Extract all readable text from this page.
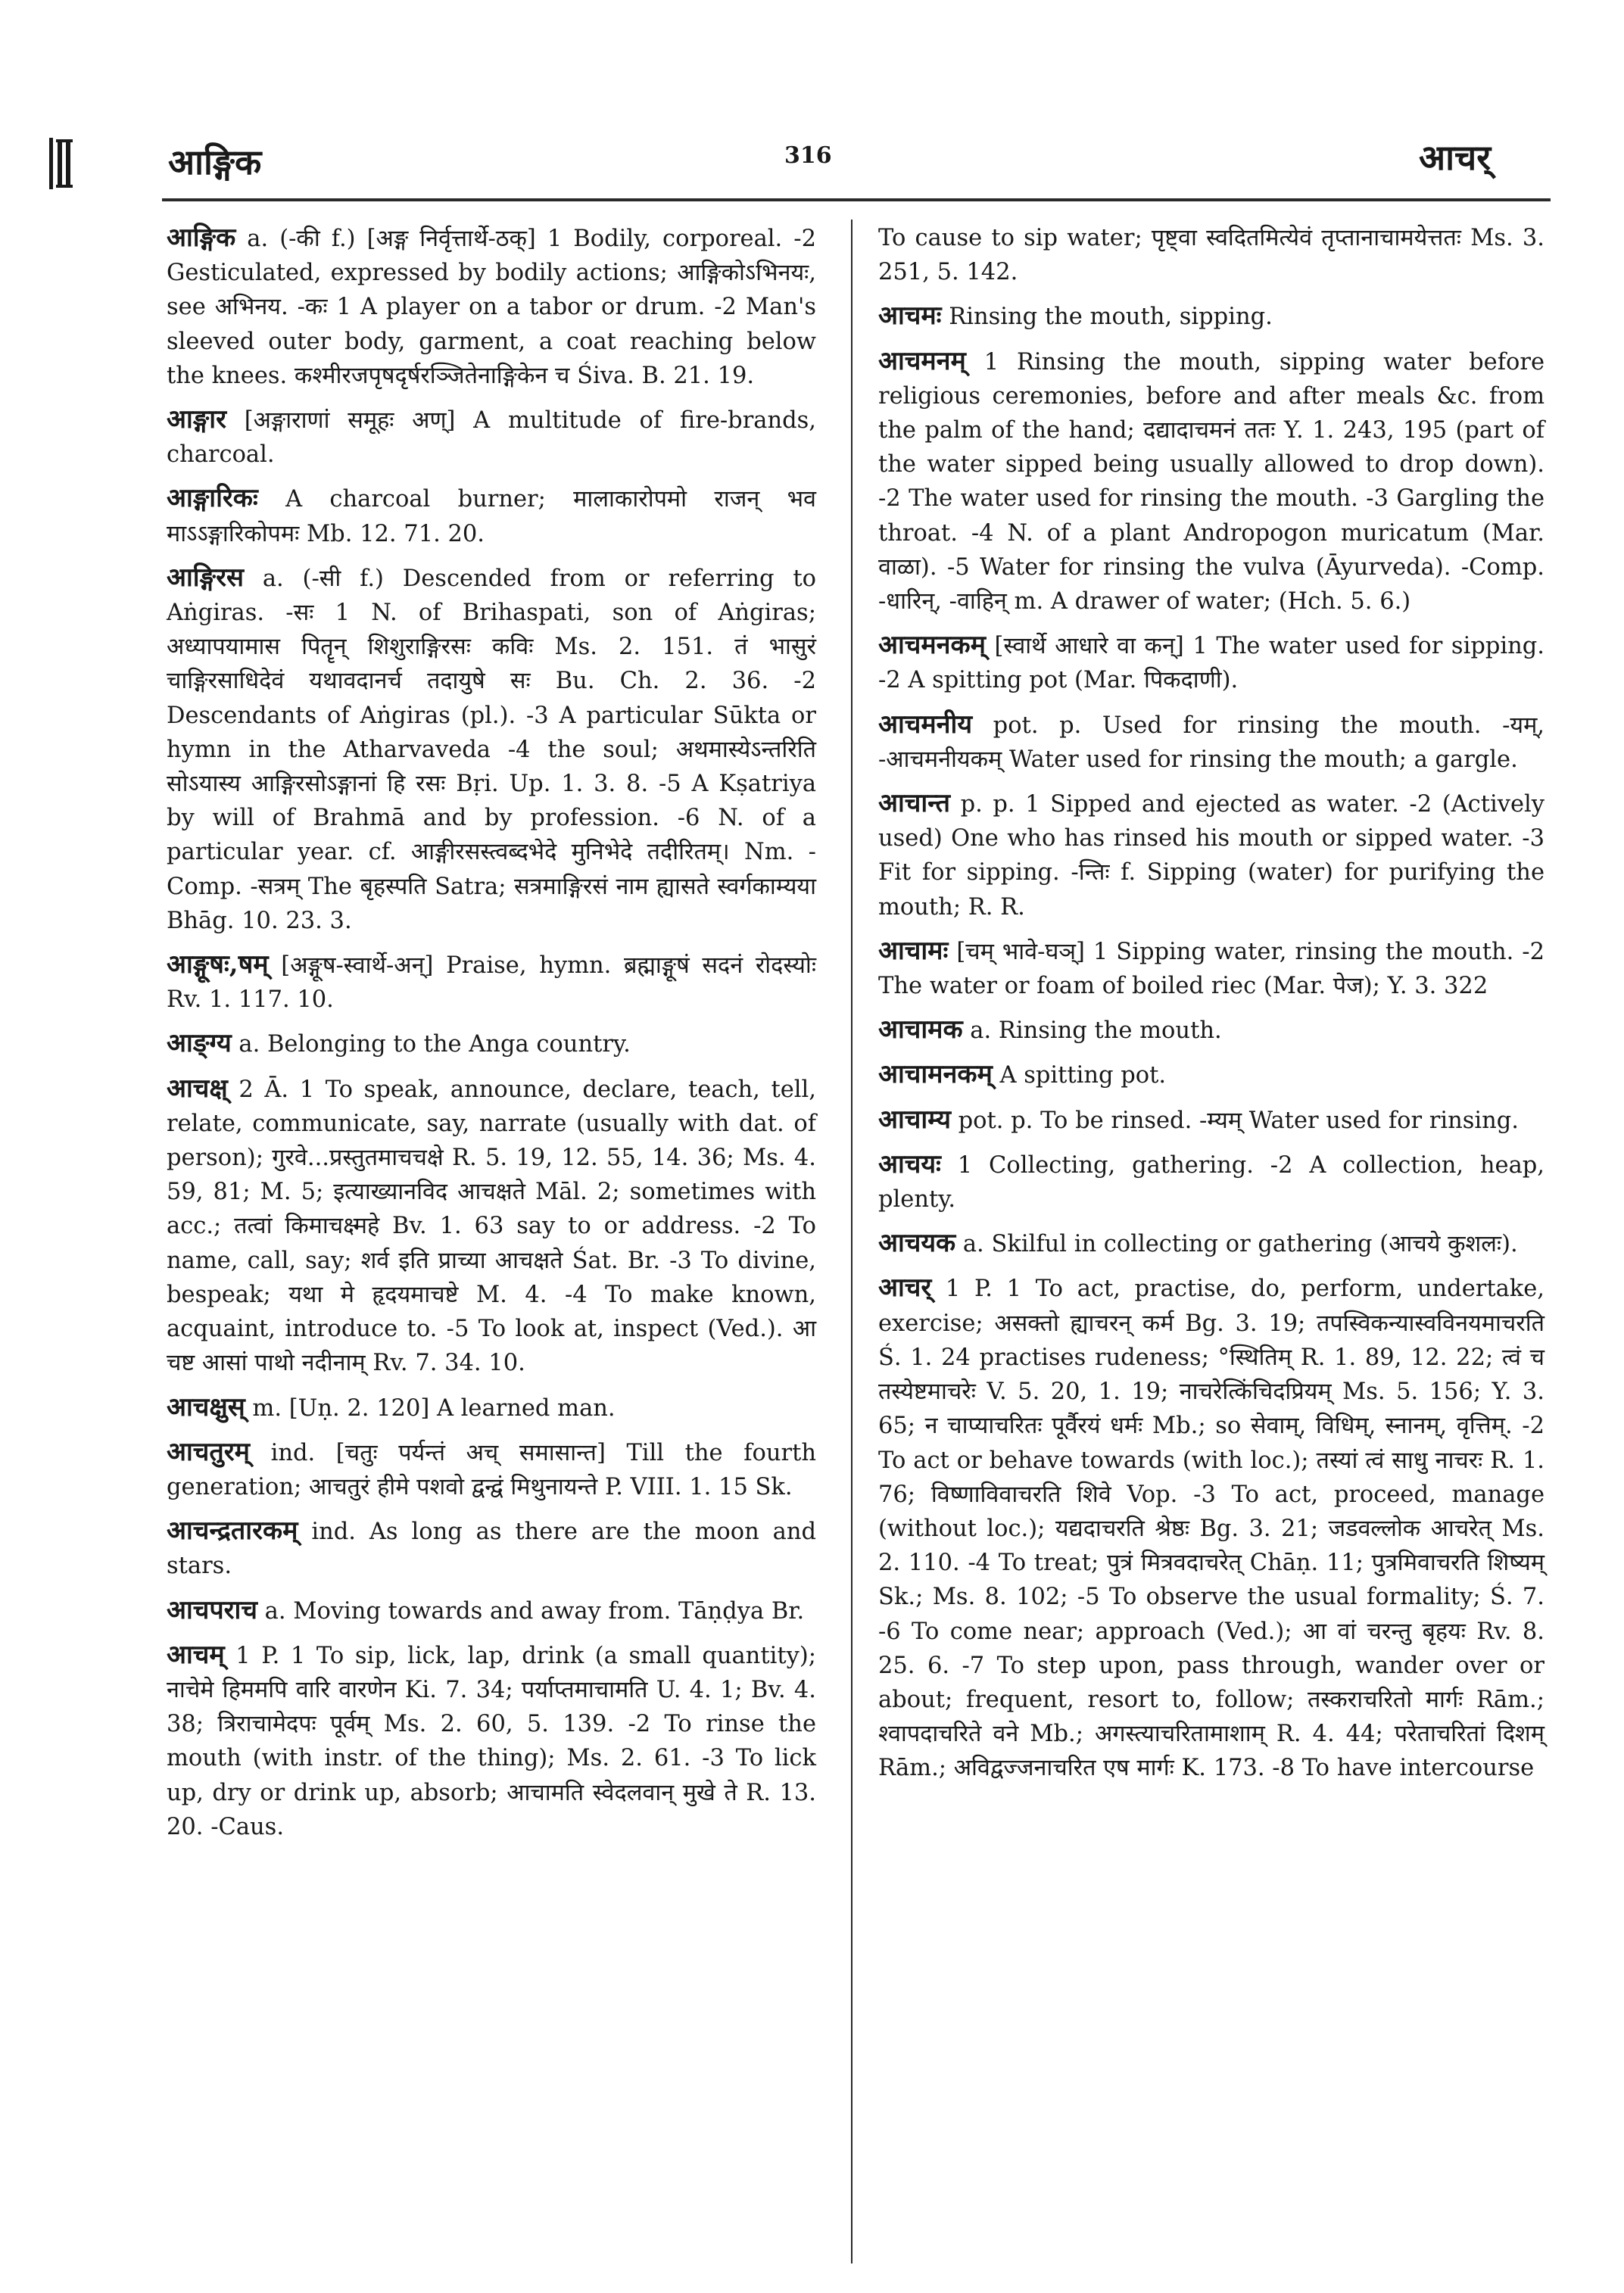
आङ्गिक	316	आचर्

आङ्गिक a. (-की f.) [अङ्ग निर्वृत्तार्थे-ठक्] 1 Bodily, corporeal. -2 Gesticulated, expressed by bodily actions; आङ्गिकोऽभिनयः, see अभिनय. -कः 1 A player on a tabor or drum. -2 Man's sleeved outer body, garment, a coat reaching below the knees. कश्मीरजपृषदृर्षरञ्जितेनाङ्गिकेन च Śiva. B. 21. 19.

आङ्गार [अङ्गाराणां समूहः अण्] A multitude of fire-brands, charcoal.

आङ्गारिकः A charcoal burner; मालाकारोपमो राजन् भव माऽऽङ्गारिकोपमः Mb. 12. 71. 20.

आङ्गिरस a. (-सी f.) Descended from or referring to Aṅgiras. -सः 1 N. of Brihaspati, son of Aṅgiras; अध्यापयामास पितॄन् शिशुराङ्गिरसः कविः Ms. 2. 151. तं भासुरं चाङ्गिरसाधिदेवं यथावदानर्च तदायुषे सः Bu. Ch. 2. 36. -2 Descendants of Aṅgiras (pl.). -3 A particular Sūkta or hymn in the Atharvaveda -4 the soul; अथमास्येऽन्तरिति सोऽयास्य आङ्गिरसोऽङ्गानां हि रसः Bṛi. Up. 1. 3. 8. -5 A Kṣatriya by will of Brahmā and by profession. -6 N. of a particular year. cf. आङ्गीरसस्त्वब्दभेदे मुनिभेदे तदीरितम्। Nm. -Comp. -सत्रम् The बृहस्पति Satra; सत्रमाङ्गिरसं नाम ह्यासते स्वर्गकाम्यया Bhāg. 10. 23. 3.

आङ्गूषः,षम् [अङ्गूष-स्वार्थे-अन्] Praise, hymn. ब्रह्माङ्गूषं सदनं रोदस्योः Rv. 1. 117. 10.

आङ्ग्य a. Belonging to the Anga country.

आचक्ष् 2 Ā. 1 To speak, announce, declare, teach, tell, relate, communicate, say, narrate (usually with dat. of person); गुरवे...प्रस्तुतमाचचक्षे R. 5. 19, 12. 55, 14. 36; Ms. 4. 59, 81; M. 5; इत्याख्यानविद आचक्षते Māl. 2; sometimes with acc.; तत्वां किमाचक्ष्महे Bv. 1. 63 say to or address. -2 To name, call, say; शर्व इति प्राच्या आचक्षते Śat. Br. -3 To divine, bespeak; यथा मे हृदयमाचष्टे M. 4. -4 To make known, acquaint, introduce to. -5 To look at, inspect (Ved.). आ चष्ट आसां पाथो नदीनाम् Rv. 7. 34. 10.

आचक्षुस् m. [Uṇ. 2. 120] A learned man.

आचतुरम् ind. [चतुः पर्यन्तं अच् समासान्त] Till the fourth generation; आचतुरं हीमे पशवो द्वन्द्वं मिथुनायन्ते P. VIII. 1. 15 Sk.

आचन्द्रतारकम् ind. As long as there are the moon and stars.

आचपराच a. Moving towards and away from. Tāṇḍya Br.

आचम् 1 P. 1 To sip, lick, lap, drink (a small quantity); नाचेमे हिममपि वारि वारणेन Ki. 7. 34; पर्याप्तमाचामति U. 4. 1; Bv. 4. 38; त्रिराचामेदपः पूर्वम् Ms. 2. 60, 5. 139. -2 To rinse the mouth (with instr. of the thing); Ms. 2. 61. -3 To lick up, dry or drink up, absorb; आचामति स्वेदलवान् मुखे ते R. 13. 20. -Caus.

To cause to sip water; पृष्ट्वा स्वदितमित्येवं तृप्तानाचामयेत्ततः Ms. 3. 251, 5. 142.

आचमः Rinsing the mouth, sipping.

आचमनम् 1 Rinsing the mouth, sipping water before religious ceremonies, before and after meals &c. from the palm of the hand; दद्यादाचमनं ततः Y. 1. 243, 195 (part of the water sipped being usually allowed to drop down). -2 The water used for rinsing the mouth. -3 Gargling the throat. -4 N. of a plant Andropogon muricatum (Mar. वाळा). -5 Water for rinsing the vulva (Āyurveda). -Comp. -धारिन्, -वाहिन् m. A drawer of water; (Hch. 5. 6.)

आचमनकम् [स्वार्थे आधारे वा कन्] 1 The water used for sipping. -2 A spitting pot (Mar. पिकदाणी).

आचमनीय pot. p. Used for rinsing the mouth. -यम्, -आचमनीयकम् Water used for rinsing the mouth; a gargle.

आचान्त p. p. 1 Sipped and ejected as water. -2 (Actively used) One who has rinsed his mouth or sipped water. -3 Fit for sipping. -न्तिः f. Sipping (water) for purifying the mouth; R. R.

आचामः [चम् भावे-घञ्] 1 Sipping water, rinsing the mouth. -2 The water or foam of boiled riec (Mar. पेज); Y. 3. 322

आचामक a. Rinsing the mouth.

आचामनकम् A spitting pot.

आचाम्य pot. p. To be rinsed. -म्यम् Water used for rinsing.

आचयः 1 Collecting, gathering. -2 A collection, heap, plenty.

आचयक a. Skilful in collecting or gathering (आचये कुशलः).

आचर् 1 P. 1 To act, practise, do, perform, undertake, exercise; असक्तो ह्याचरन् कर्म Bg. 3. 19; तपस्विकन्यास्वविनयमाचरति Ś. 1. 24 practises rudeness; °स्थितिम् R. 1. 89, 12. 22; त्वं च तस्येष्टमाचरेः V. 5. 20, 1. 19; नाचरेत्किंचिदप्रियम् Ms. 5. 156; Y. 3. 65; न चाप्याचरितः पूर्वैरयं धर्मः Mb.; so सेवाम्, विधिम्, स्नानम्, वृत्तिम्. -2 To act or behave towards (with loc.); तस्यां त्वं साधु नाचरः R. 1. 76; विष्णाविवाचरति शिवे Vop. -3 To act, proceed, manage (without loc.); यद्यदाचरति श्रेष्ठः Bg. 3. 21; जडवल्लोक आचरेत् Ms. 2. 110. -4 To treat; पुत्रं मित्रवदाचरेत् Chāṇ. 11; पुत्रमिवाचरति शिष्यम् Sk.; Ms. 8. 102; -5 To observe the usual formality; Ś. 7. -6 To come near; approach (Ved.); आ वां चरन्तु बृहयः Rv. 8. 25. 6. -7 To step upon, pass through, wander over or about; frequent, resort to, follow; तस्कराचरितो मार्गः Rām.; श्वापदाचरिते वने Mb.; अगस्त्याचरितामाशाम् R. 4. 44; परेताचरितां दिशम् Rām.; अविद्वज्जनाचरित एष मार्गः K. 173. -8 To have intercourse
